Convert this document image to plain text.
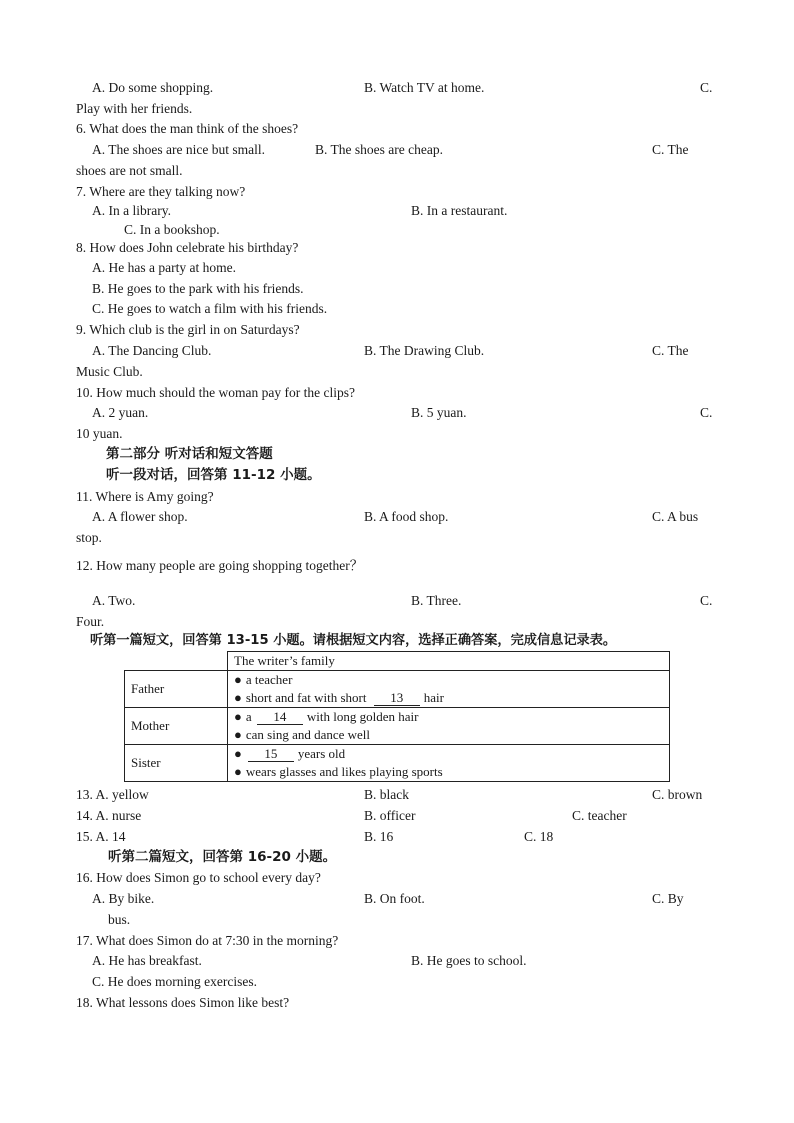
A. Do some shopping.	B. Watch TV at home.	C.
Play with her friends.
6. What does the man think of the shoes?
A. The shoes are nice but small.	B. The shoes are cheap.	C. The
shoes are not small.
7. Where are they talking now?
A. In a library.	B. In a restaurant.
C. In a bookshop.
8. How does John celebrate his birthday?
A. He has a party at home.
B. He goes to the park with his friends.
C. He goes to watch a film with his friends.
9. Which club is the girl in on Saturdays?
A. The Dancing Club.	B. The Drawing Club.	C. The
Music Club.
10. How much should the woman pay for the clips?
A. 2 yuan.	B. 5 yuan.	C.
10 yuan.
第二部分 听对话和短文答题
听一段对话，回答第 11-12 小题。
11. Where is Amy going?
A. A flower shop.	B. A food shop.	C. A bus
stop.
12. How many people are going shopping together？
A. Two.	B. Three.	C.
Four.
听第一篇短文，回答第 13-15 小题。请根据短文内容，选择正确答案，完成信息记录表。
	The writer’s family
Father	● a teacher
● short and fat with short 13 hair

Mother	● a 14 with long golden hair
● can sing and dance well

Sister	● 15 years old
● wears glasses and likes playing sports
13. A. yellow	B. black	C. brown
14. A. nurse	B. officer	C. teacher
15. A. 14	B. 16	C. 18
听第二篇短文，回答第 16-20 小题。
16. How does Simon go to school every day?
A. By bike.	B. On foot.	C. By
bus.
17. What does Simon do at 7:30 in the morning?
A. He has breakfast.	B. He goes to school.
C. He does morning exercises.
18. What lessons does Simon like best?
